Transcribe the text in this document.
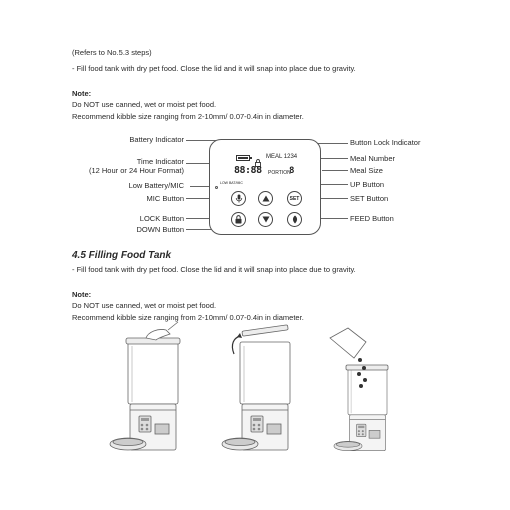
(Refers to No.5.3 steps)
- Fill food tank with dry pet food. Close the lid and it will snap into place due to gravity.
Note:
Do NOT use canned, wet or moist pet food.
Recommend kibble size ranging from 2-10mm/ 0.07-0.4in in diameter.
Battery Indicator
Time Indicator
(12 Hour or 24 Hour Format)
Low Battery/MIC
MIC Button
LOCK Button
DOWN Button
Button Lock Indicator
Meal Number
Meal Size
UP Button
SET Button
FEED Button
MEAL 1234
88:88 PORTION
8
LOW BAT/MIC
SET
4.5 Filling Food Tank
- Fill food tank with dry pet food. Close the lid and it will snap into place due to gravity.
Note:
Do NOT use canned, wet or moist pet food.
Recommend kibble size ranging from 2-10mm/ 0.07-0.4in in diameter.
